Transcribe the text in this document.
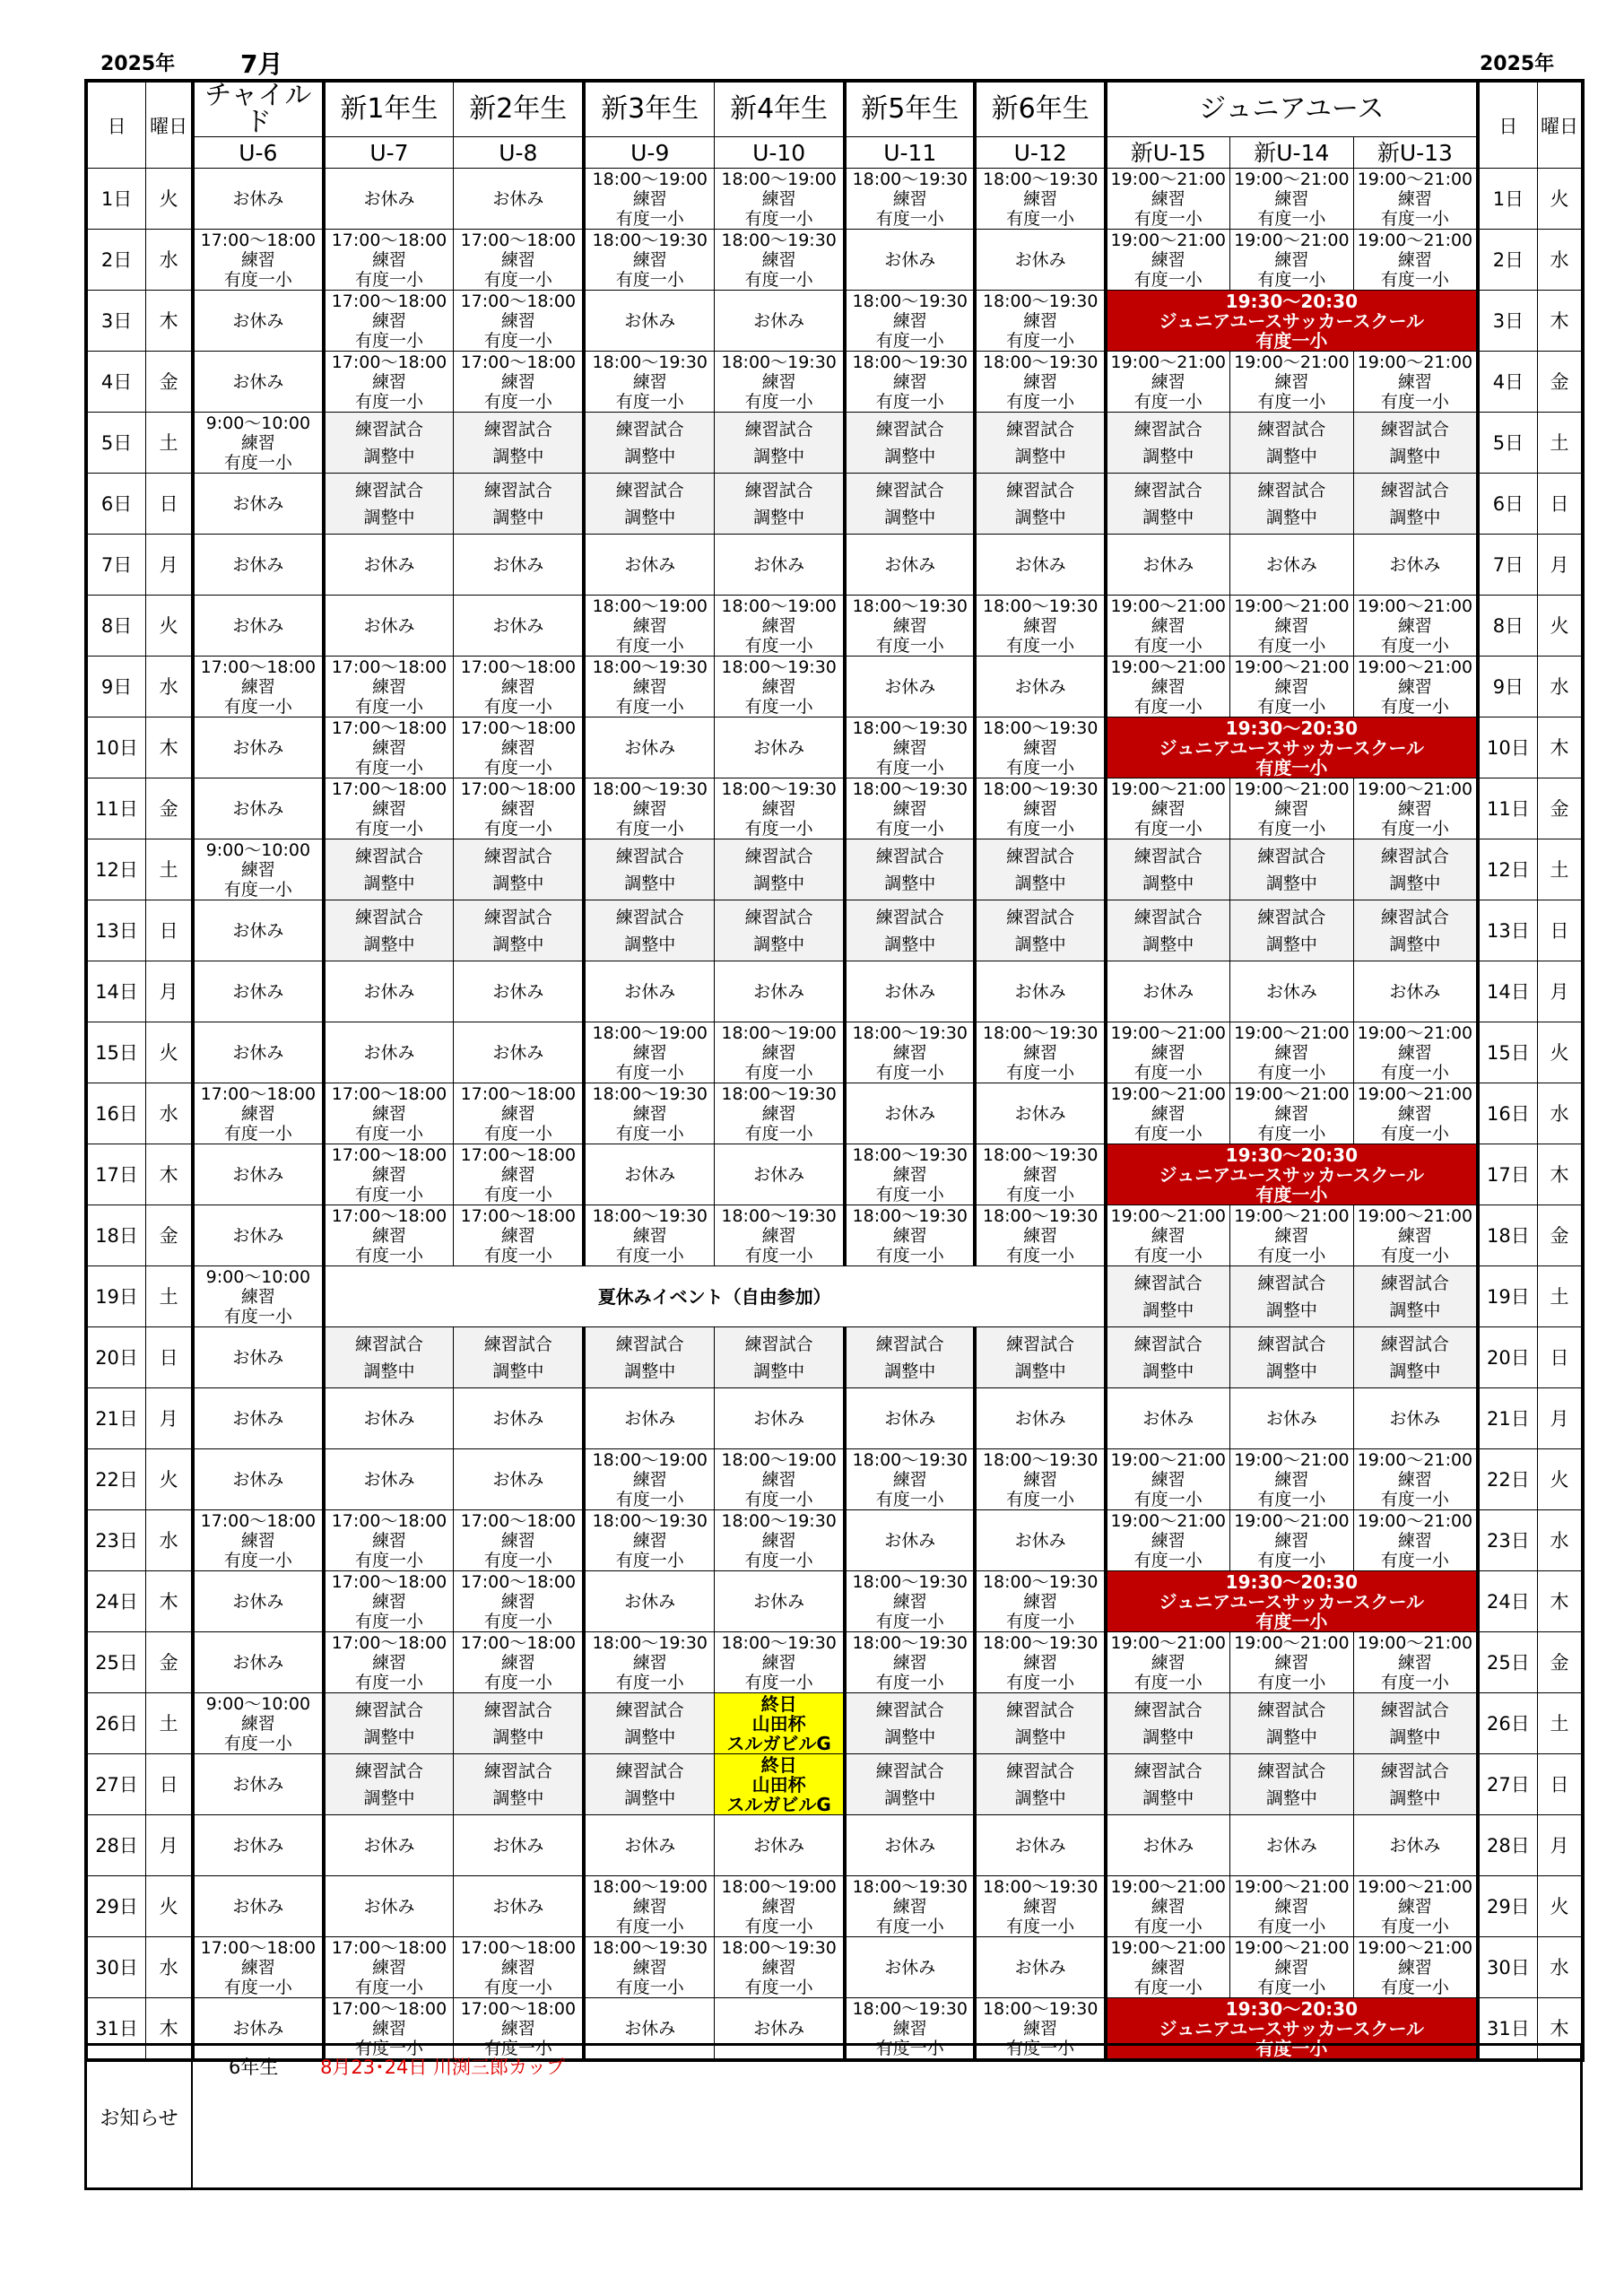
2025年	7月	2025年
日	曜日	チャイルド	新1年生	新2年生	新3年生	新4年生	新5年生	新6年生	ジュニアユース			日	曜日
		U-6	U-7	U-8	U-9	U-10	U-11	U-12	新U-15	新U-14	新U-13		
1日	火	お休み	お休み	お休み	18:00～19:00
練習
有度一小	18:00～19:00
練習
有度一小	18:00～19:30
練習
有度一小	18:00～19:30
練習
有度一小	19:00～21:00
練習
有度一小	19:00～21:00
練習
有度一小	19:00～21:00
練習
有度一小	1日	火
2日	水	17:00～18:00
練習
有度一小	17:00～18:00
練習
有度一小	17:00～18:00
練習
有度一小	18:00～19:30
練習
有度一小	18:00～19:30
練習
有度一小	お休み	お休み	19:00～21:00
練習
有度一小	19:00～21:00
練習
有度一小	19:00～21:00
練習
有度一小	2日	水
3日	木	お休み	17:00～18:00
練習
有度一小	17:00～18:00
練習
有度一小	お休み	お休み	18:00～19:30
練習
有度一小	18:00～19:30
練習
有度一小	19:30～20:30
ジュニアユースサッカースクール
有度一小			3日	木
4日	金	お休み	17:00～18:00
練習
有度一小	17:00～18:00
練習
有度一小	18:00～19:30
練習
有度一小	18:00～19:30
練習
有度一小	18:00～19:30
練習
有度一小	18:00～19:30
練習
有度一小	19:00～21:00
練習
有度一小	19:00～21:00
練習
有度一小	19:00～21:00
練習
有度一小	4日	金
5日	土	9:00～10:00
練習
有度一小	練習試合
調整中	練習試合
調整中	練習試合
調整中	練習試合
調整中	練習試合
調整中	練習試合
調整中	練習試合
調整中	練習試合
調整中	練習試合
調整中	5日	土
6日	日	お休み	練習試合
調整中	練習試合
調整中	練習試合
調整中	練習試合
調整中	練習試合
調整中	練習試合
調整中	練習試合
調整中	練習試合
調整中	練習試合
調整中	6日	日
7日	月	お休み	お休み	お休み	お休み	お休み	お休み	お休み	お休み	お休み	お休み	7日	月
8日	火	お休み	お休み	お休み	18:00～19:00
練習
有度一小	18:00～19:00
練習
有度一小	18:00～19:30
練習
有度一小	18:00～19:30
練習
有度一小	19:00～21:00
練習
有度一小	19:00～21:00
練習
有度一小	19:00～21:00
練習
有度一小	8日	火
9日	水	17:00～18:00
練習
有度一小	17:00～18:00
練習
有度一小	17:00～18:00
練習
有度一小	18:00～19:30
練習
有度一小	18:00～19:30
練習
有度一小	お休み	お休み	19:00～21:00
練習
有度一小	19:00～21:00
練習
有度一小	19:00～21:00
練習
有度一小	9日	水
10日	木	お休み	17:00～18:00
練習
有度一小	17:00～18:00
練習
有度一小	お休み	お休み	18:00～19:30
練習
有度一小	18:00～19:30
練習
有度一小	19:30～20:30
ジュニアユースサッカースクール
有度一小			10日	木
11日	金	お休み	17:00～18:00
練習
有度一小	17:00～18:00
練習
有度一小	18:00～19:30
練習
有度一小	18:00～19:30
練習
有度一小	18:00～19:30
練習
有度一小	18:00～19:30
練習
有度一小	19:00～21:00
練習
有度一小	19:00～21:00
練習
有度一小	19:00～21:00
練習
有度一小	11日	金
12日	土	9:00～10:00
練習
有度一小	練習試合
調整中	練習試合
調整中	練習試合
調整中	練習試合
調整中	練習試合
調整中	練習試合
調整中	練習試合
調整中	練習試合
調整中	練習試合
調整中	12日	土
13日	日	お休み	練習試合
調整中	練習試合
調整中	練習試合
調整中	練習試合
調整中	練習試合
調整中	練習試合
調整中	練習試合
調整中	練習試合
調整中	練習試合
調整中	13日	日
14日	月	お休み	お休み	お休み	お休み	お休み	お休み	お休み	お休み	お休み	お休み	14日	月
15日	火	お休み	お休み	お休み	18:00～19:00
練習
有度一小	18:00～19:00
練習
有度一小	18:00～19:30
練習
有度一小	18:00～19:30
練習
有度一小	19:00～21:00
練習
有度一小	19:00～21:00
練習
有度一小	19:00～21:00
練習
有度一小	15日	火
16日	水	17:00～18:00
練習
有度一小	17:00～18:00
練習
有度一小	17:00～18:00
練習
有度一小	18:00～19:30
練習
有度一小	18:00～19:30
練習
有度一小	お休み	お休み	19:00～21:00
練習
有度一小	19:00～21:00
練習
有度一小	19:00～21:00
練習
有度一小	16日	水
17日	木	お休み	17:00～18:00
練習
有度一小	17:00～18:00
練習
有度一小	お休み	お休み	18:00～19:30
練習
有度一小	18:00～19:30
練習
有度一小	19:30～20:30
ジュニアユースサッカースクール
有度一小			17日	木
18日	金	お休み	17:00～18:00
練習
有度一小	17:00～18:00
練習
有度一小	18:00～19:30
練習
有度一小	18:00～19:30
練習
有度一小	18:00～19:30
練習
有度一小	18:00～19:30
練習
有度一小	19:00～21:00
練習
有度一小	19:00～21:00
練習
有度一小	19:00～21:00
練習
有度一小	18日	金
19日	土	9:00～10:00
練習
有度一小	夏休みイベント（自由参加）						練習試合
調整中	練習試合
調整中	練習試合
調整中	19日	土
20日	日	お休み	練習試合
調整中	練習試合
調整中	練習試合
調整中	練習試合
調整中	練習試合
調整中	練習試合
調整中	練習試合
調整中	練習試合
調整中	練習試合
調整中	20日	日
21日	月	お休み	お休み	お休み	お休み	お休み	お休み	お休み	お休み	お休み	お休み	21日	月
22日	火	お休み	お休み	お休み	18:00～19:00
練習
有度一小	18:00～19:00
練習
有度一小	18:00～19:30
練習
有度一小	18:00～19:30
練習
有度一小	19:00～21:00
練習
有度一小	19:00～21:00
練習
有度一小	19:00～21:00
練習
有度一小	22日	火
23日	水	17:00～18:00
練習
有度一小	17:00～18:00
練習
有度一小	17:00～18:00
練習
有度一小	18:00～19:30
練習
有度一小	18:00～19:30
練習
有度一小	お休み	お休み	19:00～21:00
練習
有度一小	19:00～21:00
練習
有度一小	19:00～21:00
練習
有度一小	23日	水
24日	木	お休み	17:00～18:00
練習
有度一小	17:00～18:00
練習
有度一小	お休み	お休み	18:00～19:30
練習
有度一小	18:00～19:30
練習
有度一小	19:30～20:30
ジュニアユースサッカースクール
有度一小			24日	木
25日	金	お休み	17:00～18:00
練習
有度一小	17:00～18:00
練習
有度一小	18:00～19:30
練習
有度一小	18:00～19:30
練習
有度一小	18:00～19:30
練習
有度一小	18:00～19:30
練習
有度一小	19:00～21:00
練習
有度一小	19:00～21:00
練習
有度一小	19:00～21:00
練習
有度一小	25日	金
26日	土	9:00～10:00
練習
有度一小	練習試合
調整中	練習試合
調整中	練習試合
調整中	終日
山田杯
スルガビルG	練習試合
調整中	練習試合
調整中	練習試合
調整中	練習試合
調整中	練習試合
調整中	26日	土
27日	日	お休み	練習試合
調整中	練習試合
調整中	練習試合
調整中	終日
山田杯
スルガビルG	練習試合
調整中	練習試合
調整中	練習試合
調整中	練習試合
調整中	練習試合
調整中	27日	日
28日	月	お休み	お休み	お休み	お休み	お休み	お休み	お休み	お休み	お休み	お休み	28日	月
29日	火	お休み	お休み	お休み	18:00～19:00
練習
有度一小	18:00～19:00
練習
有度一小	18:00～19:30
練習
有度一小	18:00～19:30
練習
有度一小	19:00～21:00
練習
有度一小	19:00～21:00
練習
有度一小	19:00～21:00
練習
有度一小	29日	火
30日	水	17:00～18:00
練習
有度一小	17:00～18:00
練習
有度一小	17:00～18:00
練習
有度一小	18:00～19:30
練習
有度一小	18:00～19:30
練習
有度一小	お休み	お休み	19:00～21:00
練習
有度一小	19:00～21:00
練習
有度一小	19:00～21:00
練習
有度一小	30日	水
31日	木	お休み	17:00～18:00
練習
有度一小	17:00～18:00
練習
有度一小	お休み	お休み	18:00～19:30
練習
有度一小	18:00～19:30
練習
有度一小	19:30～20:30
ジュニアユースサッカースクール
有度一小			31日	木
お知らせ
6年生 8月23･24日 川渕三郎カップ
